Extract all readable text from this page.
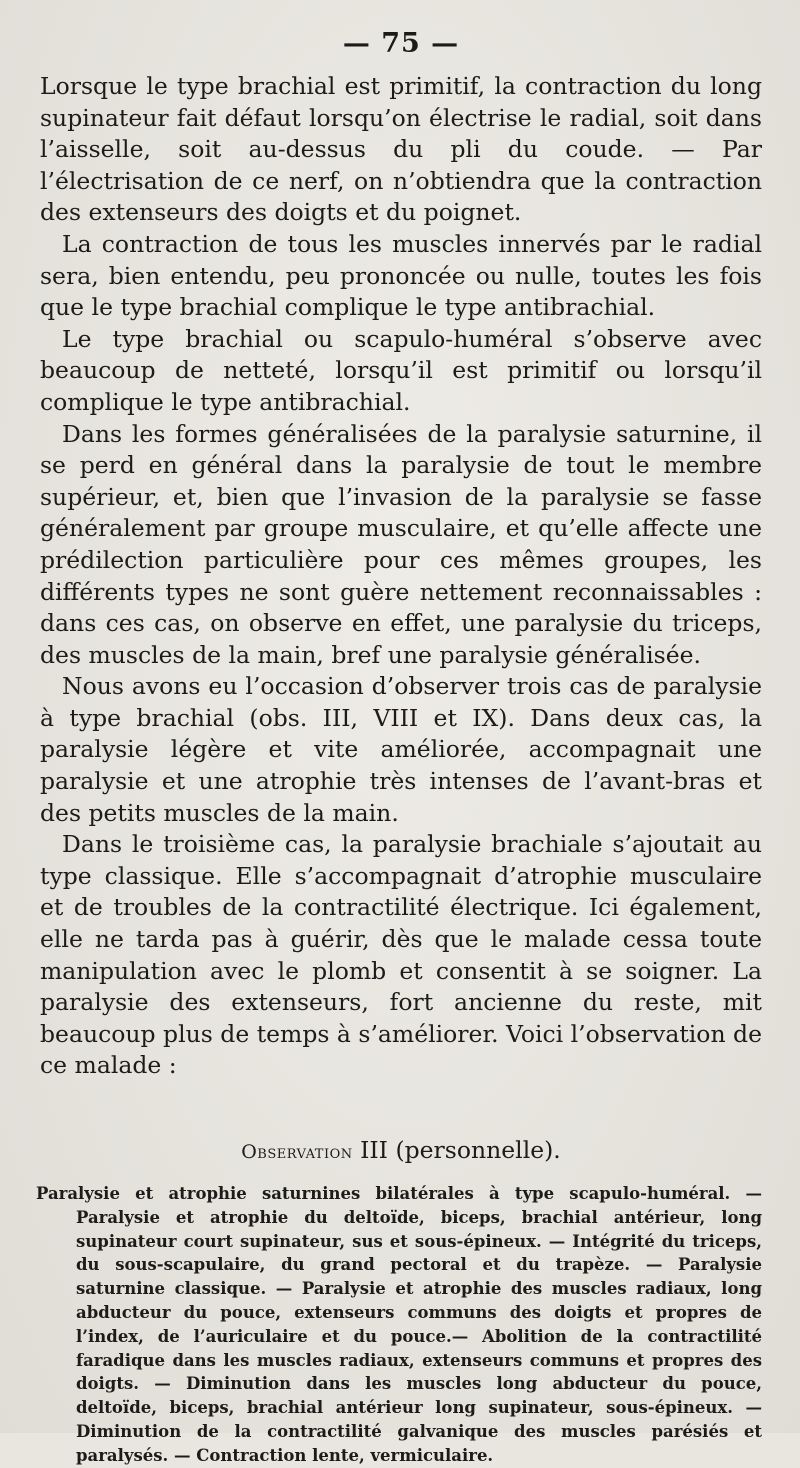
— 75 —

Lorsque le type brachial est primitif, la contraction du long supinateur fait défaut lorsqu’on électrise le radial, soit dans l’aisselle, soit au-dessus du pli du coude. — Par l’électrisation de ce nerf, on n’obtiendra que la contraction des extenseurs des doigts et du poignet.

La contraction de tous les muscles innervés par le radial sera, bien entendu, peu prononcée ou nulle, toutes les fois que le type brachial complique le type antibrachial.

Le type brachial ou scapulo-huméral s’observe avec beaucoup de netteté, lorsqu’il est primitif ou lorsqu’il complique le type antibrachial.

Dans les formes généralisées de la paralysie saturnine, il se perd en général dans la paralysie de tout le membre supérieur, et, bien que l’invasion de la paralysie se fasse généralement par groupe musculaire, et qu’elle affecte une prédilection particulière pour ces mêmes groupes, les différents types ne sont guère nettement reconnaissables : dans ces cas, on observe en effet, une paralysie du triceps, des muscles de la main, bref une paralysie généralisée.

Nous avons eu l’occasion d’observer trois cas de paralysie à type brachial (obs. III, VIII et IX). Dans deux cas, la paralysie légère et vite améliorée, accompagnait une paralysie et une atrophie très intenses de l’avant-bras et des petits muscles de la main.

Dans le troisième cas, la paralysie brachiale s’ajoutait au type classique. Elle s’accompagnait d’atrophie musculaire et de troubles de la contractilité électrique. Ici également, elle ne tarda pas à guérir, dès que le malade cessa toute manipulation avec le plomb et consentit à se soigner. La paralysie des extenseurs, fort ancienne du reste, mit beaucoup plus de temps à s’améliorer. Voici l’observation de ce malade :

Observation III (personnelle).

Paralysie et atrophie saturnines bilatérales à type scapulo-huméral. — Paralysie et atrophie du deltoïde, biceps, brachial antérieur, long supinateur court supinateur, sus et sous-épineux. — Intégrité du triceps, du sous-scapulaire, du grand pectoral et du trapèze. — Paralysie saturnine classique. — Paralysie et atrophie des muscles radiaux, long abducteur du pouce, extenseurs communs des doigts et propres de l’index, de l’auriculaire et du pouce.— Abolition de la contractilité faradique dans les muscles radiaux, extenseurs communs et propres des doigts. — Diminution dans les muscles long abducteur du pouce, deltoïde, biceps, brachial antérieur long supinateur, sous-épineux. — Diminution de la contractilité galvanique des muscles parésiés et paralysés. — Contraction lente, vermiculaire.
